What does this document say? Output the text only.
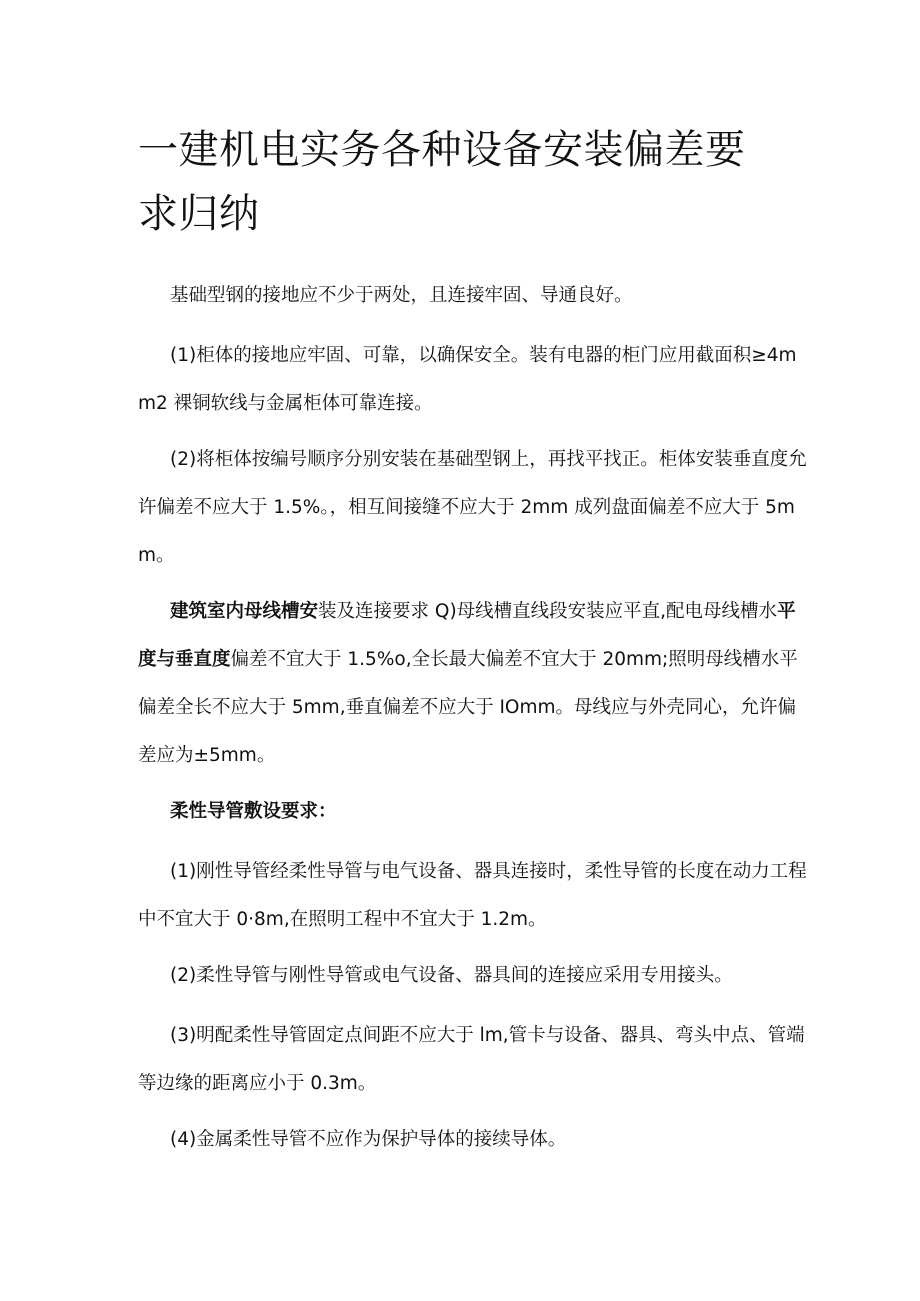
一建机电实务各种设备安装偏差要
求归纳

基础型钢的接地应不少于两处，且连接牢固、导通良好。

(1)柜体的接地应牢固、可靠，以确保安全。装有电器的柜门应用截面积≥4mm2 裸铜软线与金属柜体可靠连接。

(2)将柜体按编号顺序分别安装在基础型钢上，再找平找正。柜体安装垂直度允许偏差不应大于 1.5%。，相互间接缝不应大于 2mm 成列盘面偏差不应大于 5mm。

建筑室内母线槽安装及连接要求 Q)母线槽直线段安装应平直,配电母线槽水平度与垂直度偏差不宜大于 1.5%o,全长最大偏差不宜大于 20mm;照明母线槽水平偏差全长不应大于 5mm,垂直偏差不应大于 IOmm。母线应与外壳同心，允许偏差应为±5mm。

柔性导管敷设要求：

(1)刚性导管经柔性导管与电气设备、器具连接时，柔性导管的长度在动力工程中不宜大于 0·8m,在照明工程中不宜大于 1.2m。

(2)柔性导管与刚性导管或电气设备、器具间的连接应采用专用接头。

(3)明配柔性导管固定点间距不应大于 lm,管卡与设备、器具、弯头中点、管端等边缘的距离应小于 0.3m。

(4)金属柔性导管不应作为保护导体的接续导体。
